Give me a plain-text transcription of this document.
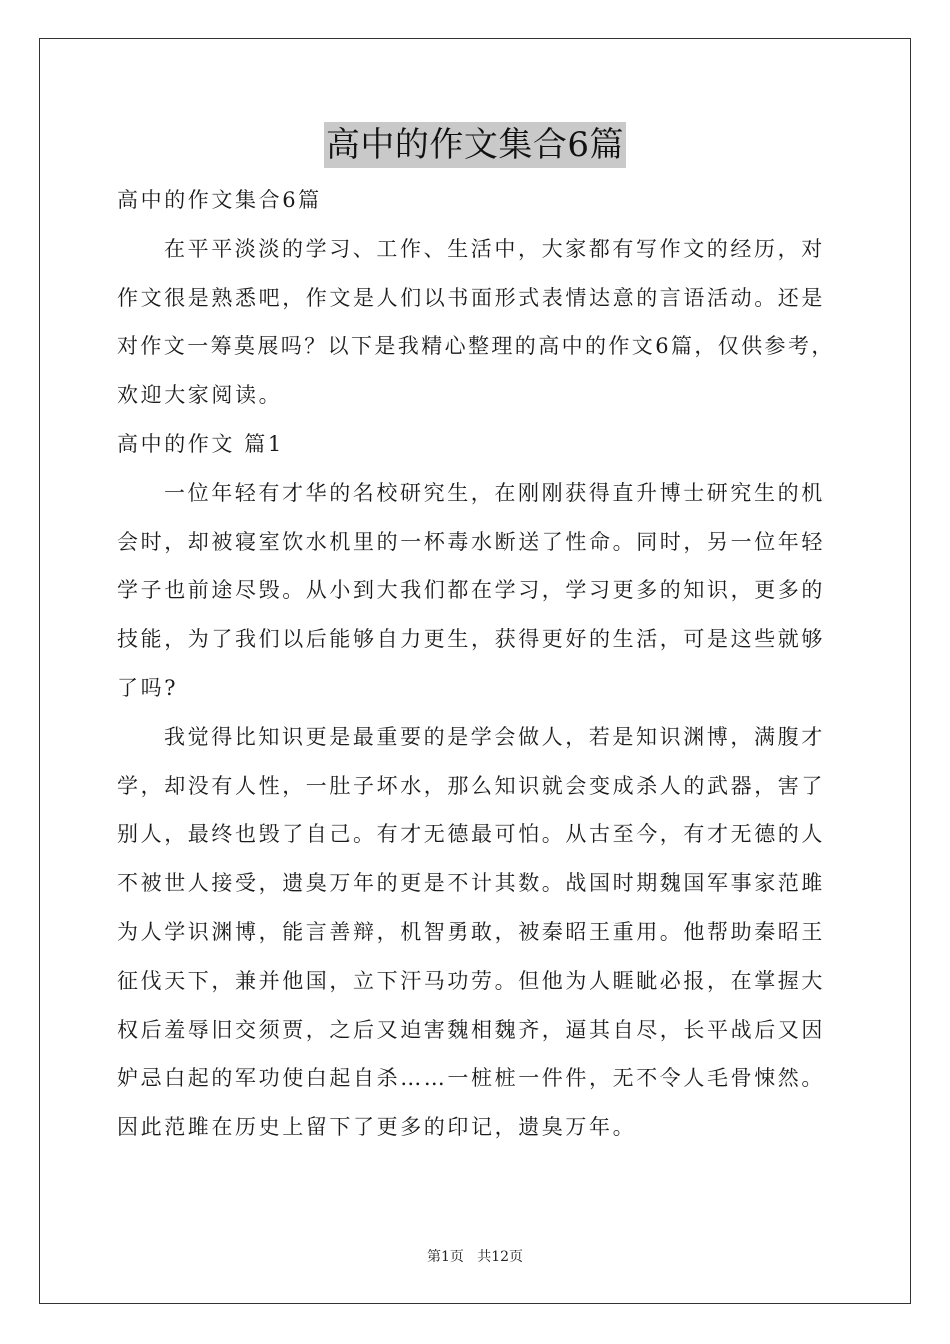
高中的作文集合6篇

高中的作文集合6篇

在平平淡淡的学习、工作、生活中，大家都有写作文的经历，对

作文很是熟悉吧，作文是人们以书面形式表情达意的言语活动。还是

对作文一筹莫展吗？以下是我精心整理的高中的作文6篇，仅供参考，

欢迎大家阅读。

高中的作文 篇1

一位年轻有才华的名校研究生，在刚刚获得直升博士研究生的机

会时，却被寝室饮水机里的一杯毒水断送了性命。同时，另一位年轻

学子也前途尽毁。从小到大我们都在学习，学习更多的知识，更多的

技能，为了我们以后能够自力更生，获得更好的生活，可是这些就够

了吗?

我觉得比知识更是最重要的是学会做人，若是知识渊博，满腹才

学，却没有人性，一肚子坏水，那么知识就会变成杀人的武器，害了

别人，最终也毁了自己。有才无德最可怕。从古至今，有才无德的人

不被世人接受，遗臭万年的更是不计其数。战国时期魏国军事家范雎

为人学识渊博，能言善辩，机智勇敢，被秦昭王重用。他帮助秦昭王

征伐天下，兼并他国，立下汗马功劳。但他为人睚眦必报，在掌握大

权后羞辱旧交须贾，之后又迫害魏相魏齐，逼其自尽，长平战后又因

妒忌白起的军功使白起自杀……一桩桩一件件，无不令人毛骨悚然。

因此范雎在历史上留下了更多的印记，遗臭万年。

第1页   共12页
